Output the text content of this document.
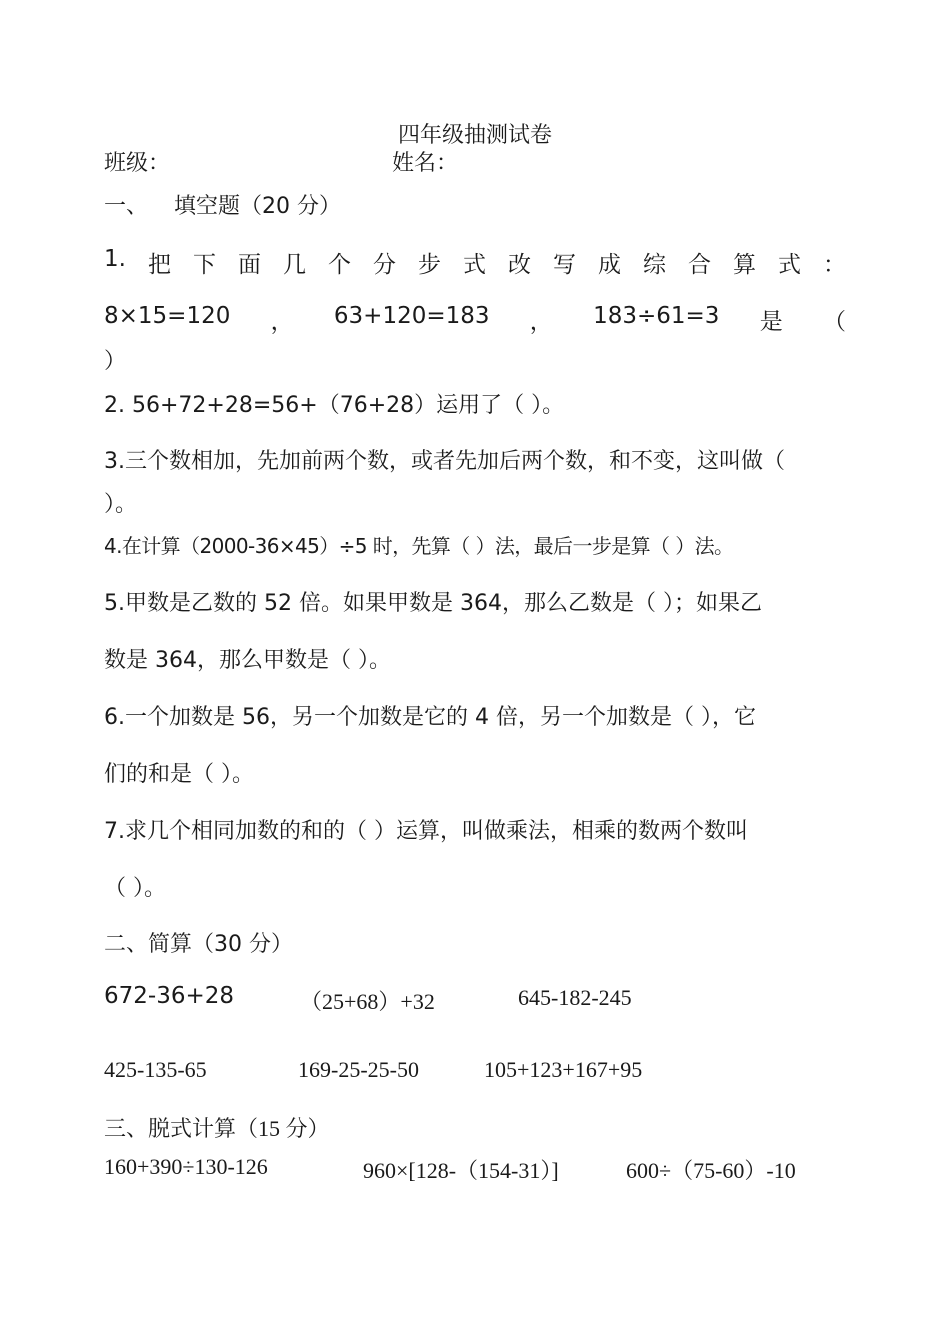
四年级抽测试卷
班级：	姓名：
一、 填空题（20 分）
1. 把 下 面 几 个 分 步 式 改 写 成 综 合 算 式 ：
8×15=120 ， 63+120=183 ， 183÷61=3 是 （
）
2. 56+72+28=56+（76+28）运用了（ ）。
3.三个数相加，先加前两个数，或者先加后两个数，和不变，这叫做（
）。
4.在计算（2000-36×45）÷5 时，先算（ ）法，最后一步是算（ ）法。
5.甲数是乙数的 52 倍。如果甲数是 364，那么乙数是（ ）；如果乙
数是 364，那么甲数是（ ）。
6.一个加数是 56，另一个加数是它的 4 倍，另一个加数是（ ），它
们的和是（ ）。
7.求几个相同加数的和的（ ）运算，叫做乘法，相乘的数两个数叫
（ ）。
二、简算（30 分）
672-36+28	（25+68）+32	645-182-245
425-135-65	169-25-25-50	105+123+167+95
三、脱式计算（15 分）
160+390÷130-126	960×[128-（154-31）]	600÷（75-60）-10
